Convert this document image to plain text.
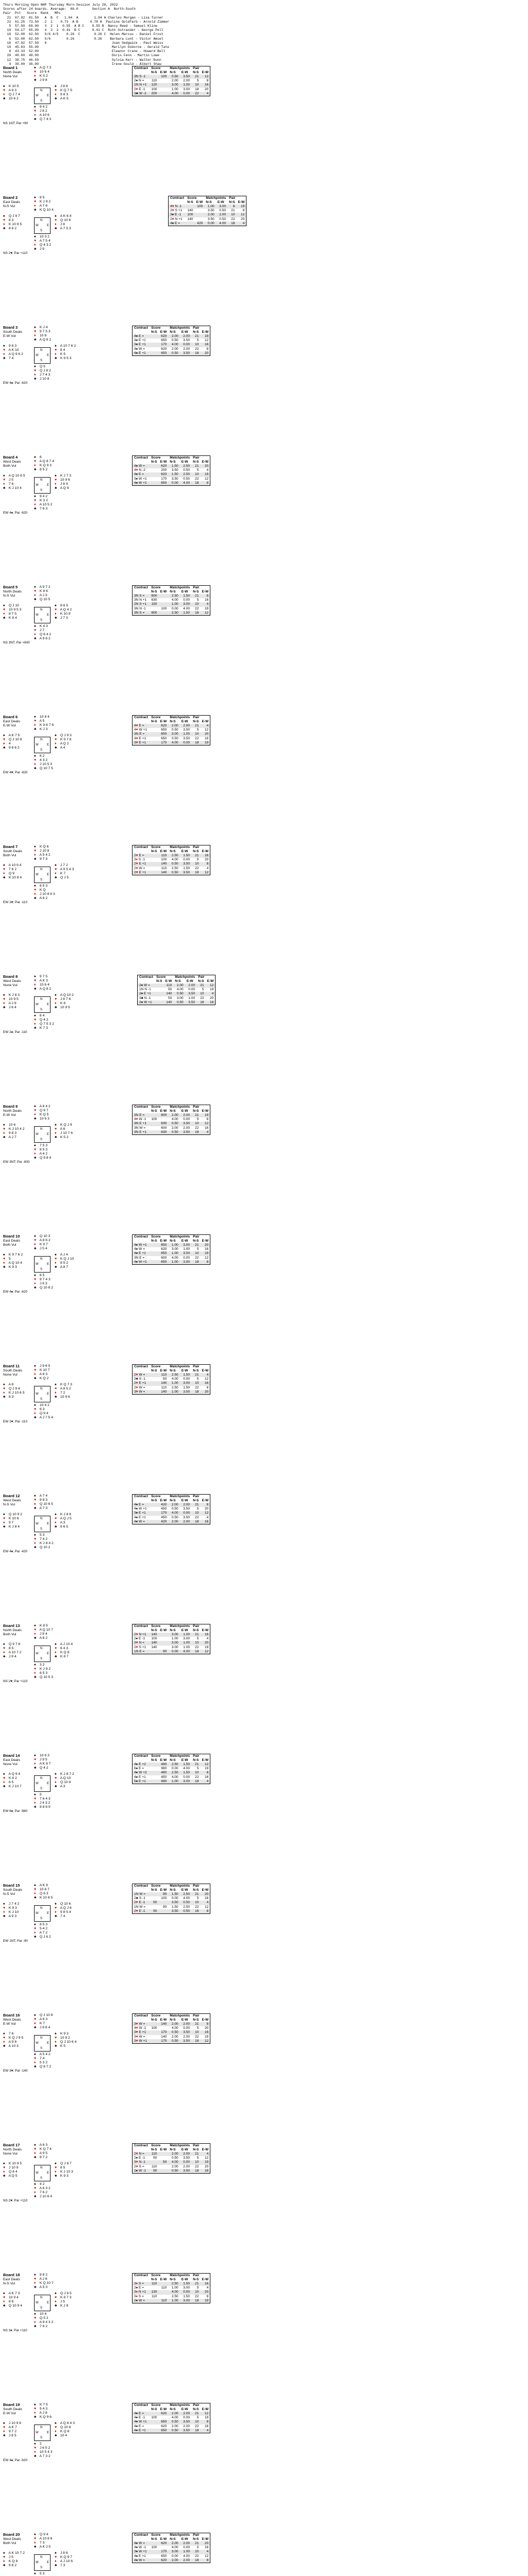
Thurs Morning Open NHP Thursday Morn Session July 28, 2022
Scores after 24 boards. Average:  60.0       Section A  North-South
Pair  Pct   Score  Rank   MPs
21  67.92  81.50   A  B  C   1.04  A        1.04 A Charles Morgan - Lisa Turner
22  61.25  73.50   2  1    0.73  A B      0.78 A  Pauline Goldfarb - Arnold Zimmer
5  57.50  69.00   3  2  1  0.55  A B C    0.55 B  Nancy Reed - Samuel Kline
10  54.17  65.00   4  3  2  0.41  B C      0.41 C  Ruth Ostrander - George Pell
18  52.08  62.50   5/6 4/5    0.26  C       0.26 C  Helen Marcus - Daniel Frost
6  52.08  62.50   5/6        0.26          0.26    Barbara Lunt - Victor Amsel
16  47.92  57.50   6                                 Joan Sedgwick - Paul Weiss
19  45.83  55.00                                     Marilyn Osborne - Gerald Tate
8  43.33  52.00                                     Eleanor Crane - Howard Bell
20  40.00  48.00                                     Doris Fenn - Martin Lowe
12  38.75  46.50                                     Sylvia Kerr - Walter Dunn
4  30.00  36.00                                     Irene Gould - Albert Shaw
Board 1
North Deals
None Vul
♠ A Q 7 3
♥ 10 6 4
♦ K 5 2
♣ J 9 8
♠ K 10 5
♥ A 9 3
♦ Q J 7 4
♣ 10 6 2
♠ J 8 6
♥ K Q 7 5
♦ 9 8 3
♣ A K 5
♠ 9 4 2
♥ J 8 2
♦ A 10 6
♣ Q 7 4 3
N
S
W	E
NS 1NT; Par +90
Contract	Score		Matchpoints		Pair	
	N-S	E-W	N-S	E-W	N-S	E-W
3N S -1		100	0.50	3.50	21	12
2♠ N =	110		2.00	2.00	5	8
1N N +1	120		3.00	1.00	10	16
2♥ E -1	100		1.00	3.00	18	20
3♣ W -2	200		4.00	0.00	22	4
Board 2
East Deals
N-S Vul
♠ 8 5
♥ K J 9 2
♦ A 7 6
♣ K Q 10 4
♠ Q J 9 7
♥ 8 3
♦ K 10 9 5
♣ 8 6 2
♠ A K 6 4
♥ Q 10 6
♦ J 8
♣ A 7 5 3
♠ 10 3 2
♥ A 7 5 4
♦ Q 4 3 2
♣ J 9
N
S
W	E
NS 2♥; Par +110
Contract	Score		Matchpoints		Pair	
	N-S	E-W	N-S	E-W	N-S	E-W
4♥ N -1		100	1.00	3.00	6	19
2♥ S +1	140		3.50	0.50	21	8
3♠ E -1	100		2.00	2.00	10	12
2♥ N +1	140		3.50	0.50	22	20
4♠ E =		420	0.00	4.00	18	4
Board 3
South Deals
E-W Vul
♠ K J 4
♥ 9 7 5 3
♦ 10 8
♣ A Q 6 2
♠ 9 8 3
♥ A K 10
♦ A Q 9 6 2
♣ 7 4
♠ A 10 7 6 2
♥ 8 4
♦ K 5
♣ K 9 5 3
♠ Q 5
♥ Q J 6 2
♦ J 7 4 3
♣ J 10 8
N
S
W	E
EW 4♠; Par -620
Contract	Score		Matchpoints		Pair	
	N-S	E-W	N-S	E-W	N-S	E-W
4♠ E =		620	2.00	2.00	21	19
4♠ E +1		650	0.50	3.50	5	12
3♠ E +1		170	4.00	0.00	10	16
4♠ W =		620	2.00	2.00	22	8
4♠ E +1		650	0.50	3.50	18	20
Board 4
West Deals
Both Vul
♠ 6
♥ A Q 8 7 4
♦ K Q 9 3
♣ 8 5 2
♠ A Q 10 8 5
♥ J 5
♦ 7 6
♣ K J 10 4
♠ K J 7 3
♥ 10 9 6
♦ J 8 4
♣ A Q 9
♠ 9 4 2
♥ K 3 2
♦ A 10 5 2
♣ 7 6 3
N
S
W	E
EW 4♠; Par -620
Contract	Score		Matchpoints		Pair	
	N-S	E-W	N-S	E-W	N-S	E-W
4♠ W =		620	1.50	2.50	21	20
4♥ N -2		200	3.50	0.50	5	4
4♠ E =		620	1.50	2.50	10	19
3♠ W +1		170	3.50	0.50	22	12
4♠ W +1		650	0.00	4.00	18	8
Board 5
North Deals
N-S Vul
♠ A 9 7 2
♥ K 8 6
♦ A J 3
♣ Q 10 5
♠ Q J 10
♥ 10 9 5 3
♦ 8 7 5
♣ K 8 4
♠ 8 6 5
♥ A Q 4 2
♦ K 10 9
♣ J 7 3
♠ K 4 3
♥ J 7
♦ Q 6 4 2
♣ A 9 6 2
N
S
W	E
NS 3NT; Par +600
Contract	Score		Matchpoints		Pair	
	N-S	E-W	N-S	E-W	N-S	E-W
3N S =	600		2.50	1.50	21	8
3N N +1	630		4.00	0.00	5	16
2N S +1	150		1.00	3.00	10	4
3N N -1		100	0.00	4.00	22	19
3N S =	600		2.50	1.50	18	12
Board 6
East Deals
E-W Vul
♠ 10 8 4
♥ A 5
♦ K 9 8 7 6
♣ K J 3
♠ A K 7 5
♥ Q J 10 8
♦ 4
♣ 9 8 6 2
♠ Q J 9 3
♥ K 9 7 6
♦ A Q 2
♣ A 4
♠ 6 2
♥ 4 3 2
♦ J 10 5 3
♣ Q 10 7 5
N
S
W	E
EW 4♥; Par -620
Contract	Score		Matchpoints		Pair	
	N-S	E-W	N-S	E-W	N-S	E-W
4♥ E =		620	2.00	2.00	21	4
4♥ W +1		650	0.50	3.50	5	12
3N E =		600	3.00	1.00	10	20
4♥ E +1		650	0.50	3.50	22	16
3♥ E +1		170	4.00	0.00	18	19
Board 7
South Deals
Both Vul
♠ K Q 6
♥ J 10 8
♦ A 5 4 2
♣ 9 7 3
♠ A 10 9 4
♥ 7 6 2
♦ Q 9
♣ K 10 8 4
♠ J 7 2
♥ A 9 5 4 3
♦ K 7
♣ Q J 5
♠ 8 5 3
♥ K Q
♦ J 10 8 6 3
♣ A 6 2
N
S
W	E
EW 2♥; Par -110
Contract	Score		Matchpoints		Pair	
	N-S	E-W	N-S	E-W	N-S	E-W
2♥ E =		110	2.50	1.50	21	16
3♦ S -1		100	4.00	0.00	5	20
2♥ E +1		140	0.50	3.50	10	8
2♥ W =		110	2.50	1.50	22	4
2♥ E +1		140	0.50	3.50	18	12
Board 8
West Deals
None Vul
♠ 9 7 5
♥ A K 3
♦ 10 6 4
♣ A Q 8 2
♠ K J 8 3
♥ 10 9 5
♦ A J 9
♣ J 6 4
♠ A Q 10 2
♥ J 8 7 6
♦ K 8
♣ 10 9 5
♠ 6 4
♥ Q 4 2
♦ Q 7 5 3 2
♣ K 7 3
N
S
W	E
EW 2♠; Par -110
Contract	Score		Matchpoints		Pair	
	N-S	E-W	N-S	E-W	N-S	E-W
2♠ W =		110	2.00	2.00	21	12
1N N -1		50	4.00	0.00	5	19
2♠ E +1		140	0.50	3.50	10	4
3♣ N -1		50	3.00	1.00	22	20
2♠ W +1		140	0.50	3.50	18	16
Board 9
North Deals
E-W Vul
♠ A 8 4 2
♥ Q 9 7
♦ K Q 5
♣ 10 6 3
♠ 10 6
♥ K J 10 4 2
♦ 9 8 3
♣ A J 7
♠ K Q J 9
♥ A 6
♦ J 10 7 6
♣ K 5 2
♠ 7 5 3
♥ 8 5 3
♦ A 4 2
♣ Q 9 8 4
N
S
W	E
EW 3NT; Par -600
Contract	Score		Matchpoints		Pair	
	N-S	E-W	N-S	E-W	N-S	E-W
3N E =		600	2.00	2.00	21	19
4♥ W -1	100		4.00	0.00	5	8
3N E +1		630	0.50	3.50	10	12
3N W =		600	2.00	2.00	22	16
3N E +1		630	0.50	3.50	18	4
Board 10
East Deals
Both Vul
♠ Q 10 3
♥ A 8 6 2
♦ K 9 7
♣ J 5 4
♠ K 9 7 6 2
♥ 5
♦ A Q 10 4
♣ K 9 3
♠ A J 4
♥ K Q J 10
♦ 8 5 2
♣ A 8 7
♠ 8 5
♥ 9 7 4 3
♦ J 6 3
♣ Q 10 6 2
N
S
W	E
EW 4♠; Par -620
Contract	Score		Matchpoints		Pair	
	N-S	E-W	N-S	E-W	N-S	E-W
4♠ W +1		650	1.00	3.00	21	20
4♠ W =		620	3.00	1.00	5	16
4♠ E +1		650	1.00	3.00	10	19
3N E =		600	4.00	0.00	22	12
4♠ W +1		650	1.00	3.00	18	8
Board 11
South Deals
None Vul
♠ J 9 6 5
♥ K 10 7
♦ A 8 3
♣ K Q 2
♠ A 8
♥ Q J 9 4
♦ K J 10 6 5
♣ 8 3
♠ K Q 7 3
♥ A 8 5 2
♦ 7 2
♣ 10 9 6
♠ 10 4 2
♥ 6 3
♦ Q 9 4
♣ A J 7 5 4
N
S
W	E
EW 2♥; Par -110
Contract	Score		Matchpoints		Pair	
	N-S	E-W	N-S	E-W	N-S	E-W
2♥ W =		110	2.50	1.50	21	4
3♣ S -1		50	4.00	0.00	5	12
2♥ E +1		140	1.00	3.00	10	16
2♥ W =		110	2.50	1.50	22	8
3♥ W =		140	1.00	3.00	18	20
Board 12
West Deals
N-S Vul
♠ A 7 4
♥ 9 8 3
♦ Q 10 6 5
♣ A 7 3
♠ Q 10 9 2
♥ K 10 6
♦ 9 7
♣ K J 8 4
♠ K J 8 6
♥ A Q J 5
♦ A 3
♣ 9 6 5
♠ 5 3
♥ 7 4 2
♦ K J 8 4 2
♣ Q 10 2
N
S
W	E
EW 4♠; Par -420
Contract	Score		Matchpoints		Pair	
	N-S	E-W	N-S	E-W	N-S	E-W
4♠ E =		420	2.00	2.00	21	8
4♠ W +1		450	0.50	3.50	5	20
3♠ E +1		170	4.00	0.00	10	12
4♠ E +1		450	0.50	3.50	22	4
4♠ W =		420	2.00	2.00	18	16
Board 13
North Deals
Both Vul
♠ K 8 5
♥ A Q 10 7
♦ J 9 4
♣ A 6 2
♠ Q 9 7 6
♥ 8 5
♦ A 10 7 2
♣ J 9 4
♠ A J 10 4
♥ 6 4 3
♦ K Q 8
♣ K 8 7
♠ 3 2
♥ K J 9 2
♦ 6 5 3
♣ Q 10 5 3
N
S
W	E
NS 2♥; Par +110
Contract	Score		Matchpoints		Pair	
	N-S	E-W	N-S	E-W	N-S	E-W
2♥ N +1	140		3.00	1.00	21	16
2♠ E -1	100		1.00	3.00	5	4
3♥ N =	140		3.00	1.00	10	20
2♥ S +1	140		3.00	1.00	22	19
1N E =		90	0.00	4.00	18	12
Board 14
East Deals
None Vul
♠ 10 6 3
♥ J 9 5
♦ A K 8 7
♣ Q 4 2
♠ A Q 9 4
♥ K 8 2
♦ 6 5
♣ K J 10 7
♠ K J 8 7 2
♥ A Q 10
♦ Q 10 9
♣ A 3
♠ 5
♥ 7 6 4 3
♦ J 4 3 2
♣ 9 8 6 5
N
S
W	E
EW 6♠; Par -980
Contract	Score		Matchpoints		Pair	
	N-S	E-W	N-S	E-W	N-S	E-W
4♠ E +2		480	2.50	1.50	21	12
6♠ E =		980	0.00	4.00	5	19
4♠ W +2		480	2.50	1.50	10	8
4♠ E +1		450	4.00	0.00	22	16
5♠ E +1		480	1.00	3.00	18	4
Board 15
South Deals
N-S Vul
♠ A K 9
♥ 10 8 7
♦ Q 6 3
♣ K 10 8 5
♠ J 7 4 2
♥ K 9 3
♦ K J 10
♣ A 9 3
♠ Q 10 6
♥ A Q J 6
♦ 9 8 5 4
♣ 7 4
♠ 8 5 3
♥ 5 4 2
♦ A 7 2
♣ Q J 6 2
N
S
W	E
EW 1NT; Par -90
Contract	Score		Matchpoints		Pair	
	N-S	E-W	N-S	E-W	N-S	E-W
1N W =		90	1.50	2.50	21	20
2♣ S -1		100	0.00	4.00	5	16
2♥ E -1	50		3.50	0.50	10	4
1N W =		90	1.50	2.50	22	12
2♥ E -1	50		3.50	0.50	18	8
Board 16
West Deals
E-W Vul
♠ Q J 10 8
♥ A 6 3
♦ K 7
♣ J 9 6 4
♠ 7 6
♥ K Q J 9 5
♦ A 9 8
♣ A 10 3
♠ K 9 3
♥ 10 8 2
♦ Q J 10 6 4
♣ K 5
♠ A 5 4 2
♥ 7 4
♦ 5 3 2
♣ Q 8 7 2
N
S
W	E
EW 3♥; Par -140
Contract	Score		Matchpoints		Pair	
	N-S	E-W	N-S	E-W	N-S	E-W
3♥ W =		140	2.00	2.00	21	8
4♥ W -1	100		4.00	0.00	5	20
3♥ E +1		170	0.50	3.50	10	16
3♥ W =		140	2.00	2.00	22	19
3♥ W +1		170	0.50	3.50	18	12
Board 17
North Deals
None Vul
♠ A 6 3
♥ K Q 7 4
♦ A 9 5
♣ 8 7 2
♠ K 10 9 5
♥ J 10 9
♦ Q 8 4
♣ A Q 5
♠ Q J 8 7
♥ 8 5
♦ K J 10 3
♣ K 9 3
♠ 4 2
♥ A 6 3 2
♦ 7 6 2
♣ J 10 6 4
N
S
W	E
NS 2♥; Par +110
Contract	Score		Matchpoints		Pair	
	N-S	E-W	N-S	E-W	N-S	E-W
2♥ N =	110		2.00	2.00	21	4
2♠ E -1	50		0.50	3.50	5	12
3♥ N -1		50	4.00	0.00	10	19
2♥ S =	110		2.00	2.00	22	20
2♠ W -1	50		0.50	3.50	18	16
Board 18
East Deals
N-S Vul
♠ 9 8 2
♥ A J 6
♦ K Q 10 7
♣ A 5 3
♠ A K 7 3
♥ 10 9 4
♦ 8 6
♣ Q 10 9 4
♠ Q J 6 5
♥ K 8 7 3
♦ J 5
♣ K J 8
♠ 10 4
♥ Q 5 2
♦ A 9 4 3 2
♣ 7 6 2
N
S
W	E
NS 3♦; Par +110
Contract	Score		Matchpoints		Pair	
	N-S	E-W	N-S	E-W	N-S	E-W
3♦ S =	110		2.50	1.50	21	16
2♠ E =		110	1.00	3.00	5	4
3♦ N +1	130		4.00	0.00	10	20
3♦ S =	110		2.50	1.50	22	8
2♠ W =		110	1.00	3.00	18	19
Board 19
South Deals
E-W Vul
♠ K 7 5
♥ 9 4 3
♦ A J 8
♣ K Q 9 6
♠ J 10 9 8
♥ A K 7
♦ 9 7 2
♣ J 8 5
♠ A Q 6 4 3
♥ Q 10 8
♦ K Q 6
♣ 10 4
♠ 2
♥ J 6 5 2
♦ 10 5 4 3
♣ A 7 3 2
N
S
W	E
EW 4♠; Par -620
Contract	Score		Matchpoints		Pair	
	N-S	E-W	N-S	E-W	N-S	E-W
4♠ E =		620	2.00	2.00	21	12
4♠ E -1	100		4.00	0.00	5	19
4♠ W +1		650	0.50	3.50	10	8
4♠ E =		620	2.00	2.00	22	16
4♠ E +1		650	0.50	3.50	18	4
Board 20
West Deals
Both Vul
♠ Q 9 4
♥ A 10 8 6
♦ 7 3
♣ A K J 5
♠ A K 10 7 2
♥ J 5
♦ K Q 8
♣ 9 8 2
♠ J 8 6
♥ K Q 9 7
♦ A J 10 6
♣ 7 3
♠ 5 3
N
S
W	E
Contract	Score		Matchpoints		Pair	
	N-S	E-W	N-S	E-W	N-S	E-W
4♠ W =		620	2.00	2.00	21	20
4♠ W -1	100		4.00	0.00	5	16
3♠ W +1		170	3.00	1.00	10	4
4♠ E +1		650	0.00	4.00	22	12
4♠ W =		620	2.00	2.00	18	8
